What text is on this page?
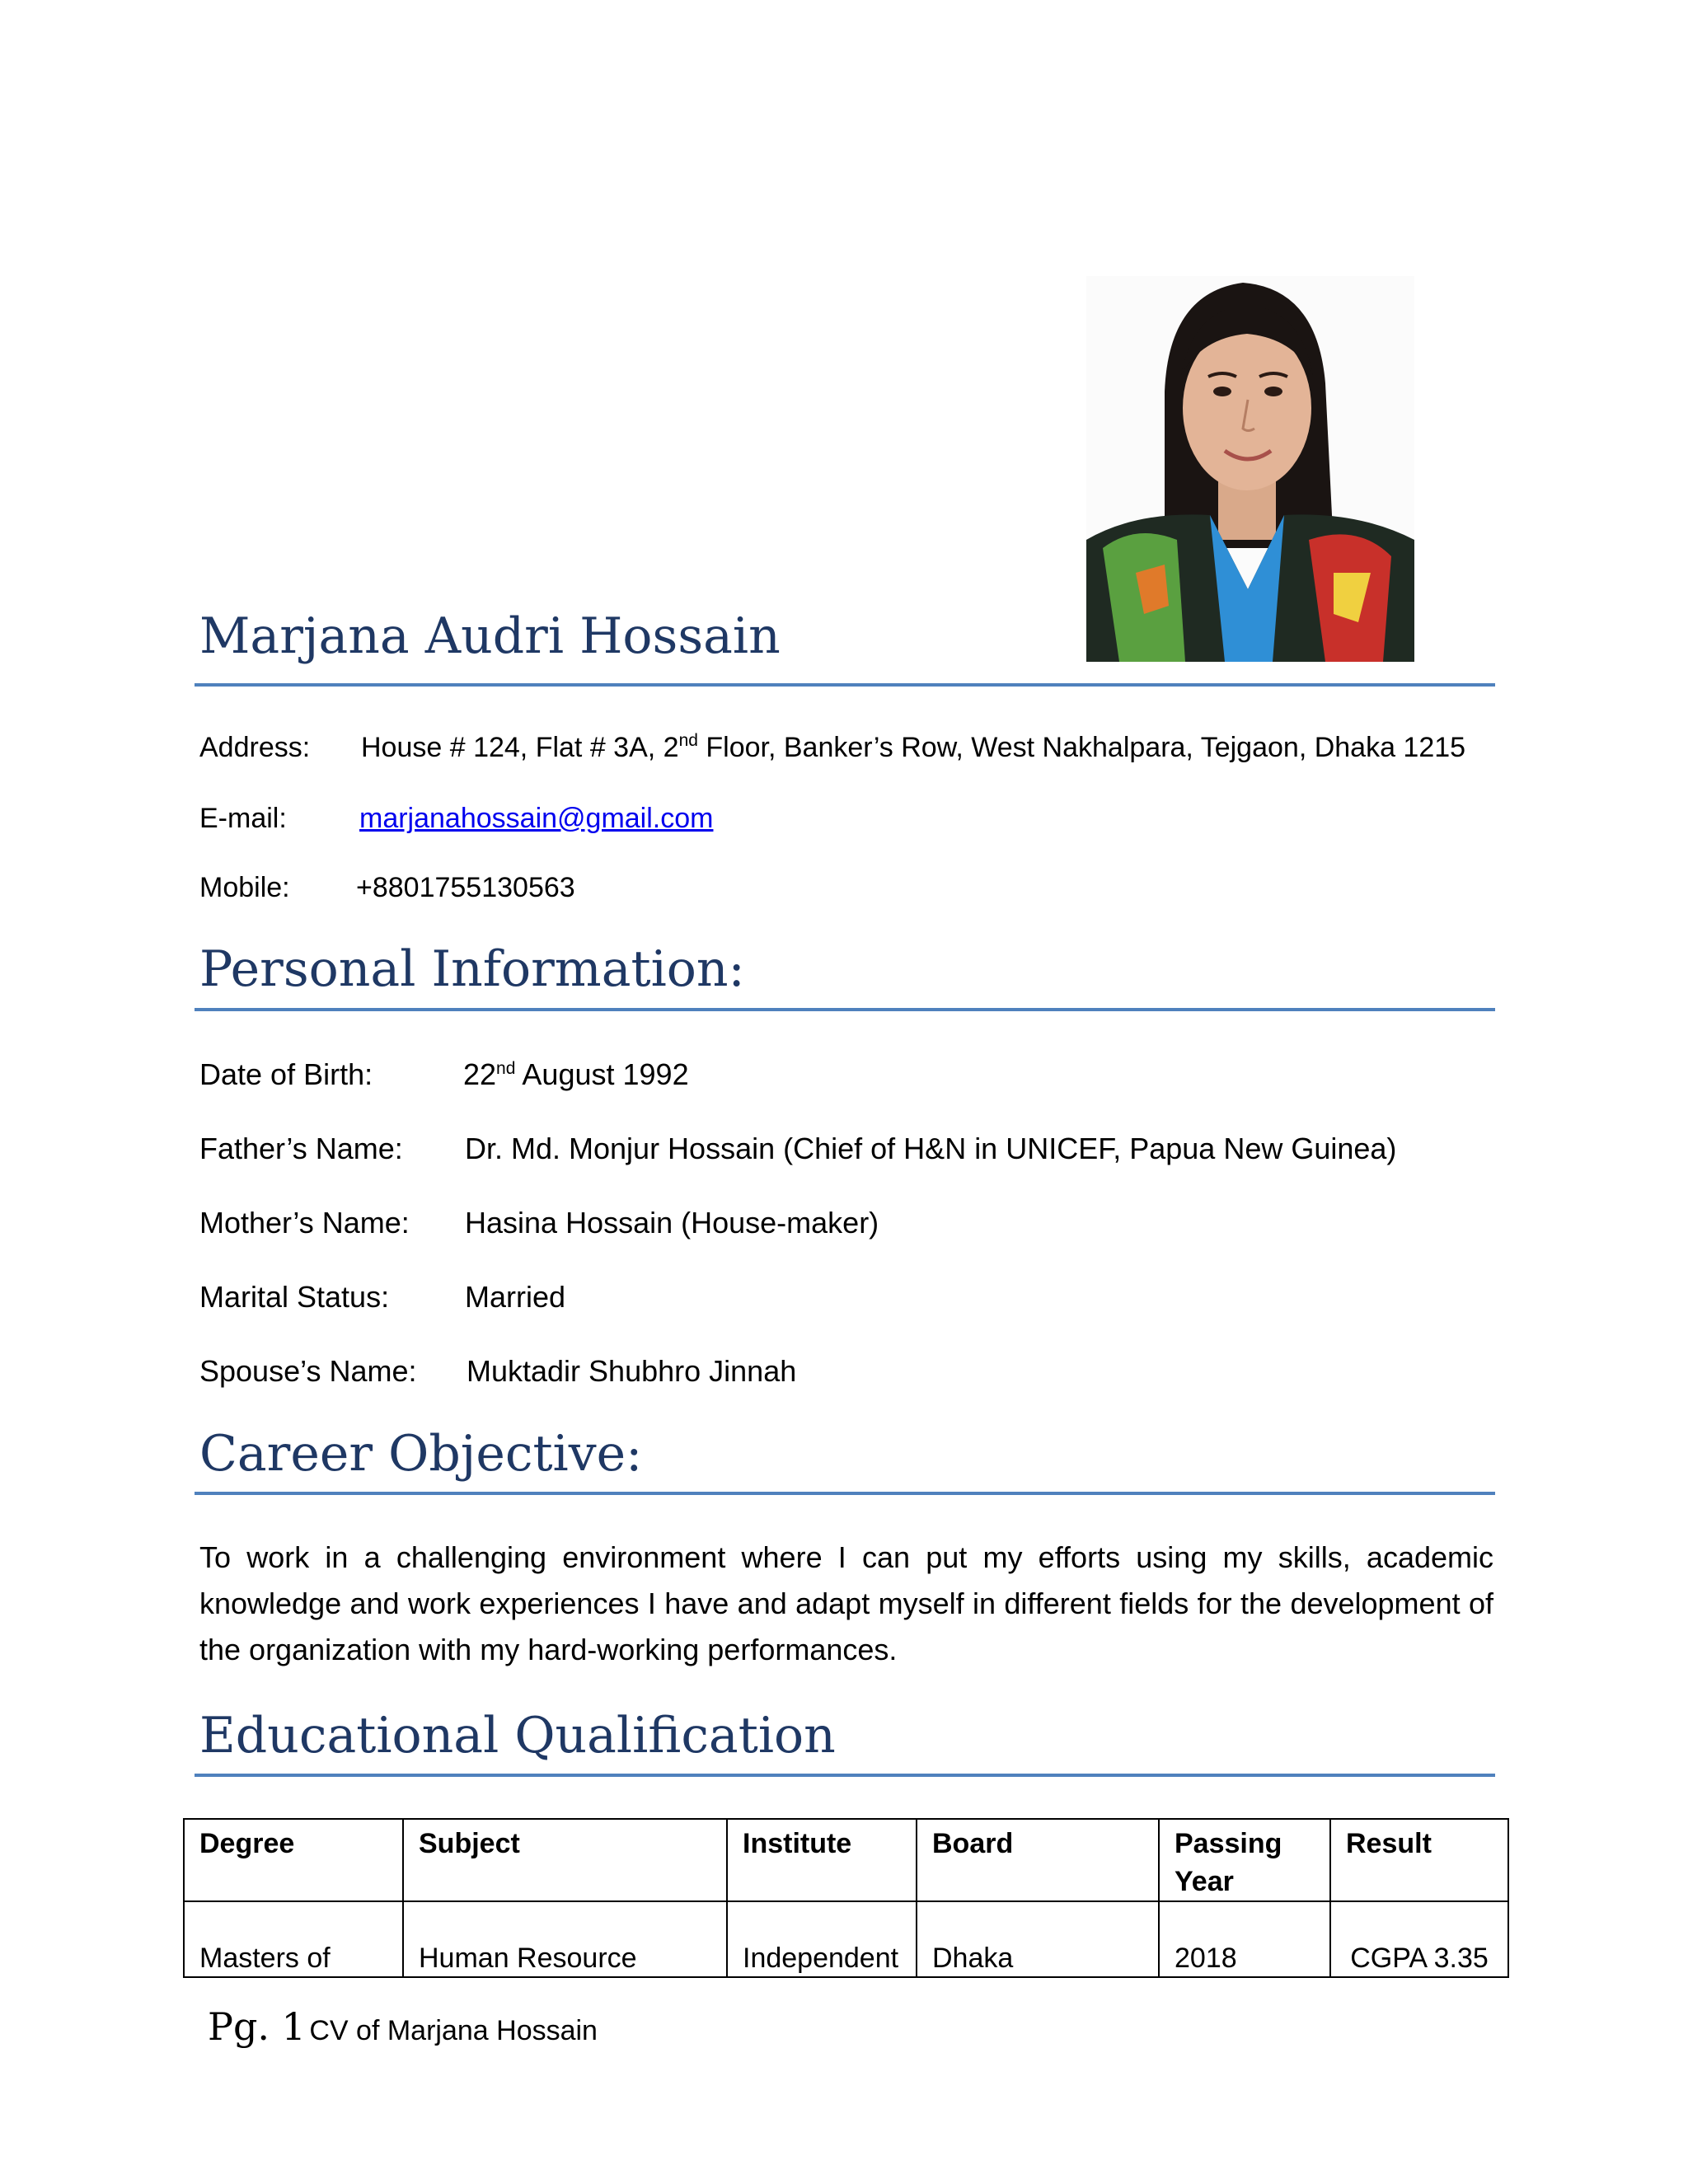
Marjana Audri Hossain
Address: House # 124, Flat # 3A, 2nd Floor, Banker’s Row, West Nakhalpara, Tejgaon, Dhaka 1215
E-mail:	marjanahossain@gmail.com
Mobile: +8801755130563
Personal Information:
Date of Birth:	22nd August 1992
Father’s Name: Dr. Md. Monjur Hossain (Chief of H&N in UNICEF, Papua New Guinea)
Mother’s Name: Hasina Hossain (House-maker)
Marital Status:	Married
Spouse’s Name: Muktadir Shubhro Jinnah
Career Objective:
To work in a challenging environment where I can put my efforts using my skills, academic knowledge and work experiences I have and adapt myself in different fields for the development of the organization with my hard-working performances.
Educational Qualification
Degree	Subject	Institute	Board	Passing Year	Result
Masters of	Human Resource	Independent	Dhaka	2018	CGPA 3.35
Pg. 1 CV of Marjana Hossain
